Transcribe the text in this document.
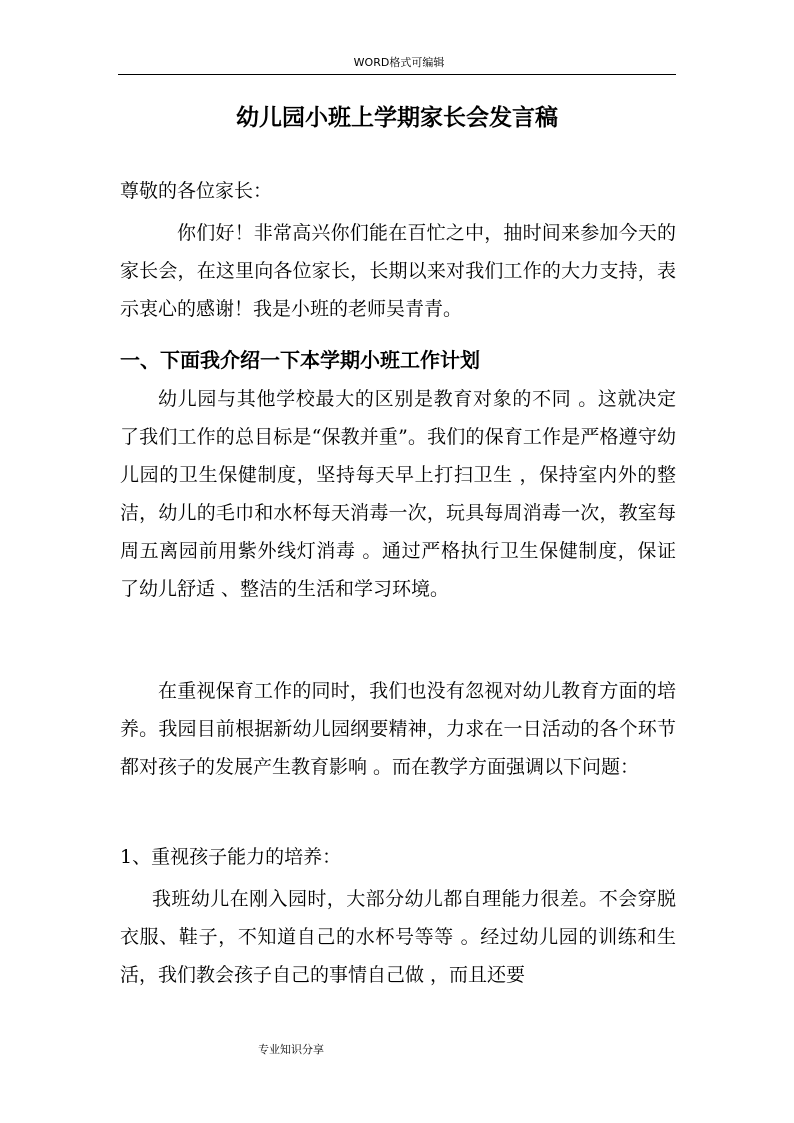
WORD格式可编辑
幼儿园小班上学期家长会发言稿
尊敬的各位家长：
你们好！非常高兴你们能在百忙之中，抽时间来参加今天的家长会，在这里向各位家长，长期以来对我们工作的大力支持，表示衷心的感谢！我是小班的老师吴青青。
一、下面我介绍一下本学期小班工作计划
幼儿园与其他学校最大的区别是教育对象的不同 。这就决定了我们工作的总目标是“保教并重”。我们的保育工作是严格遵守幼儿园的卫生保健制度，坚持每天早上打扫卫生 ，保持室内外的整洁，幼儿的毛巾和水杯每天消毒一次，玩具每周消毒一次，教室每周五离园前用紫外线灯消毒 。通过严格执行卫生保健制度，保证了幼儿舒适 、整洁的生活和学习环境。
在重视保育工作的同时，我们也没有忽视对幼儿教育方面的培养。我园目前根据新幼儿园纲要精神，力求在一日活动的各个环节都对孩子的发展产生教育影响 。而在教学方面强调以下问题：
1、重视孩子能力的培养：
我班幼儿在刚入园时，大部分幼儿都自理能力很差。不会穿脱衣服、鞋子，不知道自己的水杯号等等 。经过幼儿园的训练和生活，我们教会孩子自己的事情自己做 ，而且还要
专业知识分享
